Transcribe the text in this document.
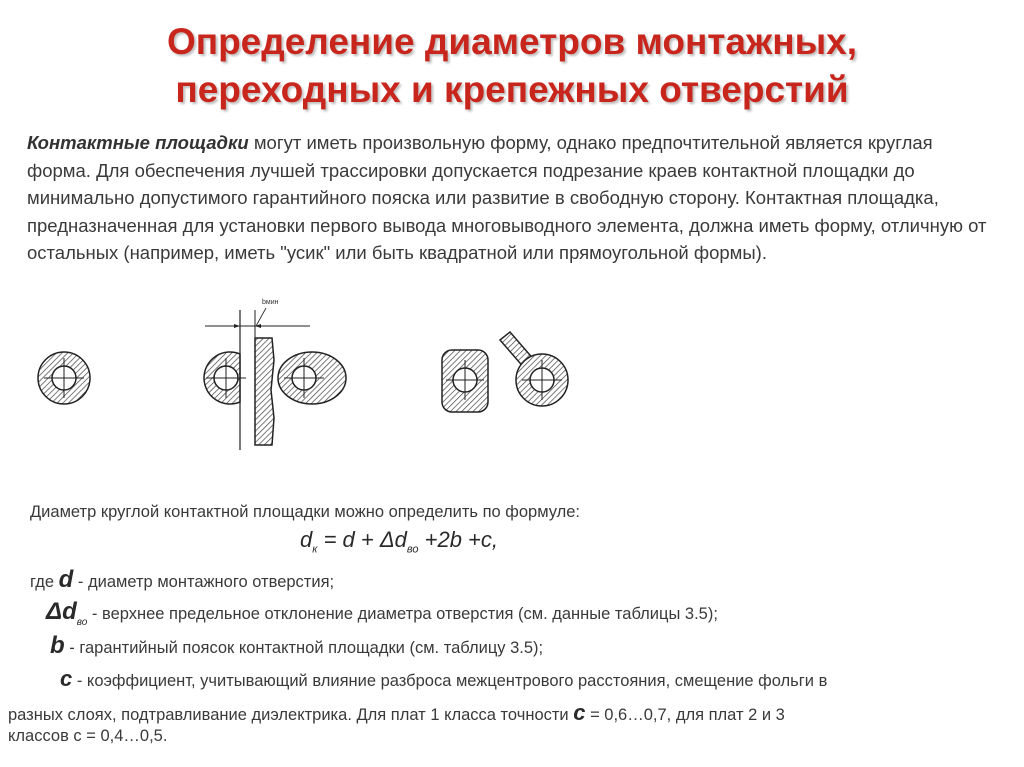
Определение диаметров монтажных,
переходных и крепежных отверстий
Контактные площадки могут иметь произвольную форму, однако предпочтительной является круглая форма. Для обеспечения лучшей трассировки допускается подрезание краев контактной площадки до минимально допустимого гарантийного пояска или развитие в свободную сторону. Контактная площадка, предназначенная для установки первого вывода многовыводного элемента, должна иметь форму, отличную от остальных (например, иметь "усик" или быть квадратной или прямоугольной формы).
bмин
Диаметр круглой контактной площадки можно определить по формуле:
$d_к = d + \Delta d_{во} +2b +c$,
где d - диаметр монтажного отверстия;
$\Delta d_{во}$ - верхнее предельное отклонение диаметра отверстия (см. данные таблицы 3.5);
b - гарантийный поясок контактной площадки (см. таблицу 3.5);
c - коэффициент, учитывающий влияние разброса межцентрового расстояния, смещение фольги в
разных слоях, подтравливание диэлектрика. Для плат 1 класса точности c = 0,6…0,7, для плат 2 и 3
классов с = 0,4…0,5.
